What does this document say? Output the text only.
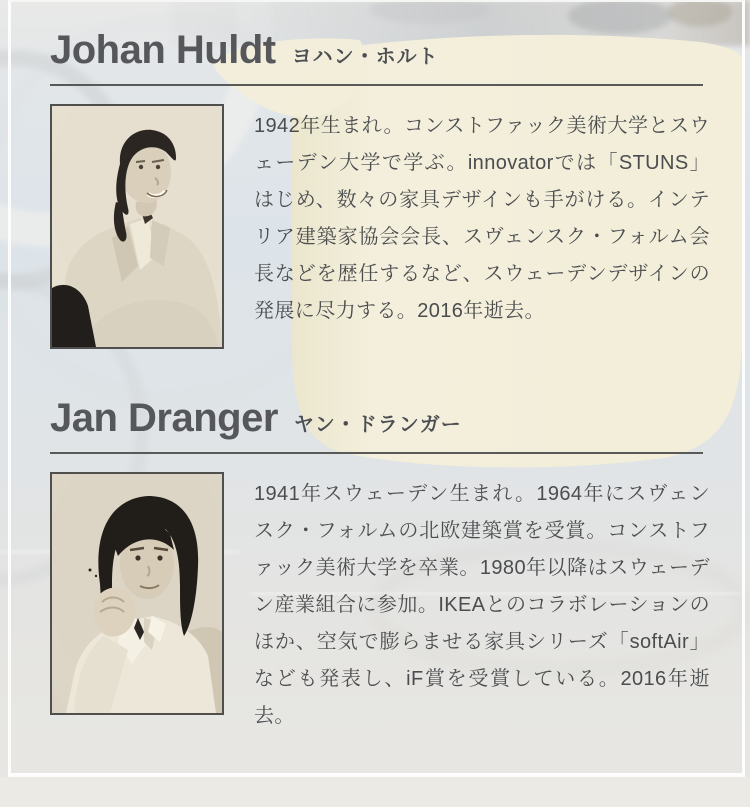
Johan Huldt ヨハン・ホルト

1942年生まれ。コンストファック美術大学とスウェーデン大学で学ぶ。innovatorでは「STUNS」はじめ、数々の家具デザインも手がける。インテリア建築家協会会長、スヴェンスク・フォルム会長などを歴任するなど、スウェーデンデザインの発展に尽力する。2016年逝去。

Jan Dranger ヤン・ドランガー

1941年スウェーデン生まれ。1964年にスヴェンスク・フォルムの北欧建築賞を受賞。コンストファック美術大学を卒業。1980年以降はスウェーデン産業組合に参加。IKEAとのコラボレーションのほか、空気で膨らませる家具シリーズ「softAir」なども発表し、iF賞を受賞している。2016年逝去。
